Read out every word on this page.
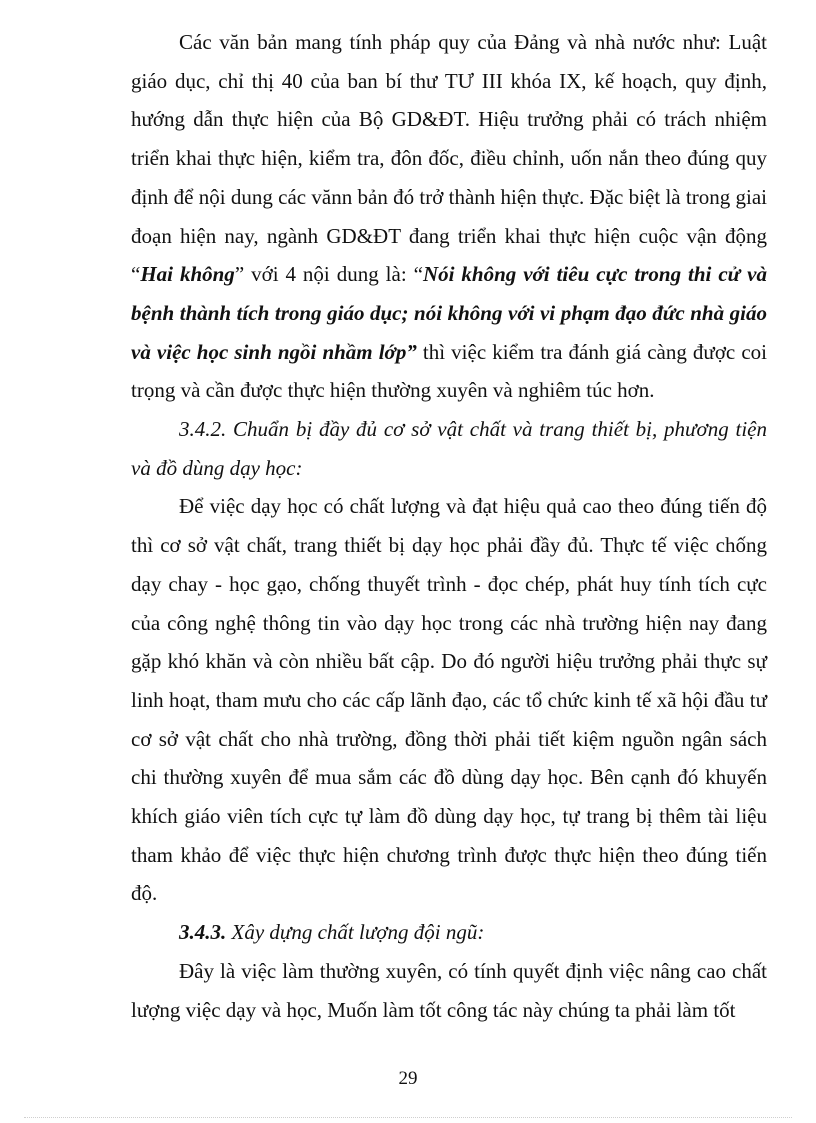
Các văn bản mang tính pháp quy của Đảng và nhà nước như: Luật giáo dục, chỉ thị 40 của ban bí thư TƯ III khóa IX, kế hoạch, quy định, hướng dẫn thực hiện của Bộ GD&ĐT. Hiệu trưởng phải có trách nhiệm triển khai thực hiện, kiểm tra, đôn đốc, điều chỉnh, uốn nắn theo đúng quy định để nội dung các vănn bản đó trở thành hiện thực. Đặc biệt là trong giai đoạn hiện nay, ngành GD&ĐT đang triển khai thực hiện cuộc vận động “Hai không” với 4 nội dung là: “Nói không với tiêu cực trong thi cử và bệnh thành tích trong giáo dục; nói không với vi phạm đạo đức nhà giáo và việc học sinh ngồi nhầm lớp” thì việc kiểm tra đánh giá càng được coi trọng và cần được thực hiện thường xuyên và nghiêm túc hơn.

3.4.2. Chuẩn bị đầy đủ cơ sở vật chất và trang thiết bị, phương tiện và đồ dùng dạy học:

Để việc dạy học có chất lượng và đạt hiệu quả cao theo đúng tiến độ thì cơ sở vật chất, trang thiết bị dạy học phải đầy đủ. Thực tế việc chống dạy chay - học gạo, chống thuyết trình - đọc chép, phát huy tính tích cực của công nghệ thông tin vào dạy học trong các nhà trường hiện nay đang gặp khó khăn và còn nhiều bất cập. Do đó người hiệu trưởng phải thực sự linh hoạt, tham mưu cho các cấp lãnh đạo, các tổ chức kinh tế xã hội đầu tư cơ sở vật chất cho nhà trường, đồng thời phải tiết kiệm nguồn ngân sách chi thường xuyên để mua sắm các đồ dùng dạy học. Bên cạnh đó khuyến khích giáo viên tích cực tự làm đồ dùng dạy học, tự trang bị thêm tài liệu tham khảo để việc thực hiện chương trình được thực hiện theo đúng tiến độ.

3.4.3. Xây dựng chất lượng đội ngũ:

Đây là việc làm thường xuyên, có tính quyết định việc nâng cao chất lượng việc dạy và học, Muốn làm tốt công tác này chúng ta phải làm tốt

29
